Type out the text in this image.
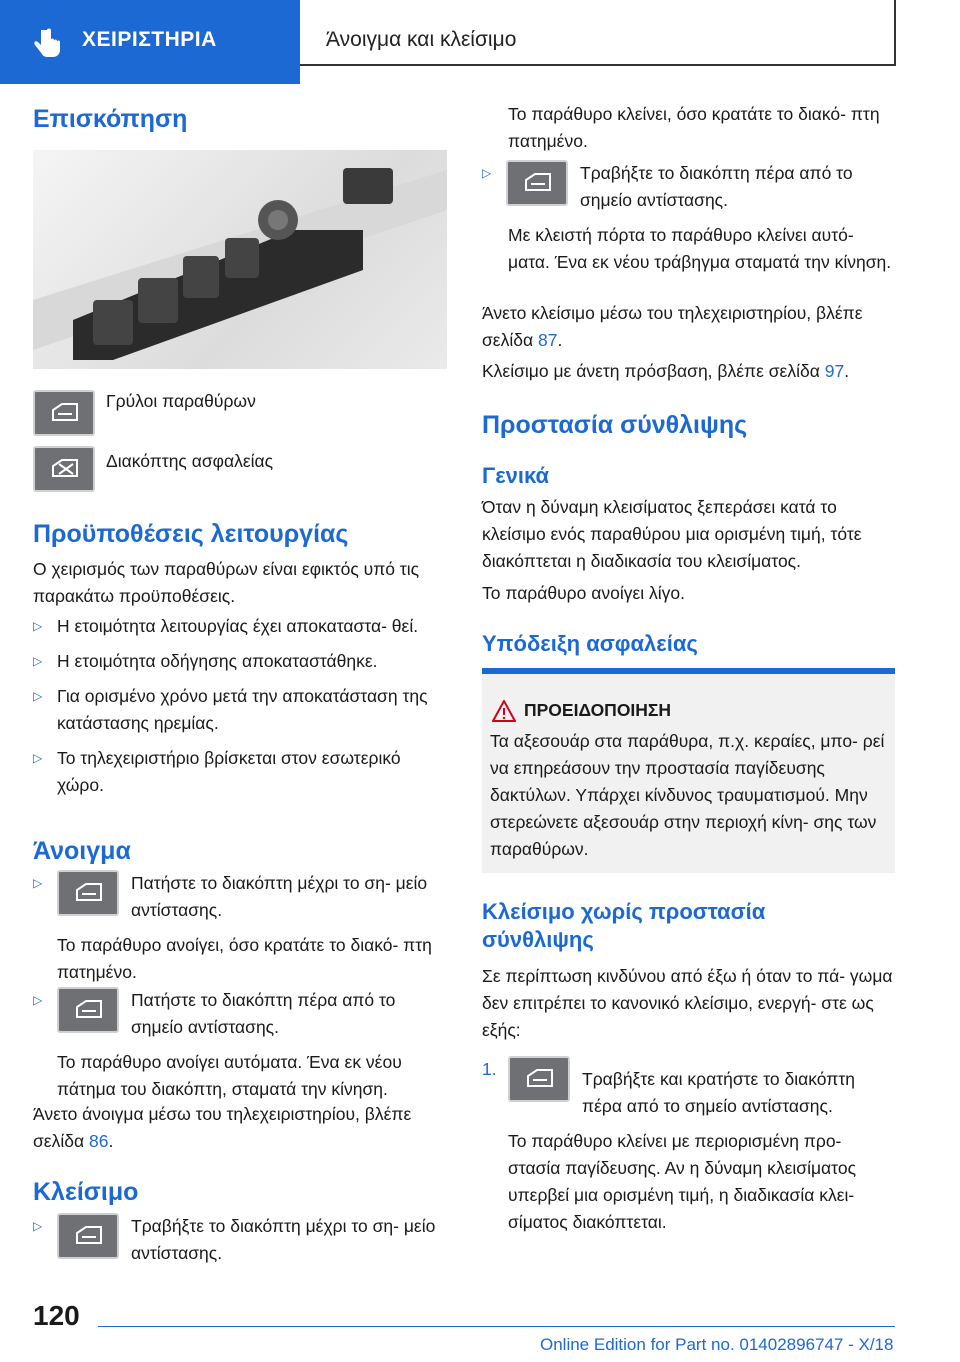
ΧΕΙΡΙΣΤΗΡΙΑ	Άνοιγμα και κλείσιμο
Επισκόπηση
Γρύλοι παραθύρων
Διακόπτης ασφαλείας
Προϋποθέσεις λειτουργίας

Ο χειρισμός των παραθύρων είναι εφικτός υπό τις παρακάτω προϋποθέσεις.

▷ Η ετοιμότητα λειτουργίας έχει αποκαταστα- θεί.
▷ Η ετοιμότητα οδήγησης αποκαταστάθηκε.
▷ Για ορισμένο χρόνο μετά την αποκατάσταση της κατάστασης ηρεμίας.
▷ Το τηλεχειριστήριο βρίσκεται στον εσωτερικό χώρο.
Άνοιγμα
▷	Πατήστε το διακόπτη μέχρι το ση- μείο αντίστασης.

Το παράθυρο ανοίγει, όσο κρατάτε το διακό- πτη πατημένο.

▷	Πατήστε το διακόπτη πέρα από το σημείο αντίστασης.

Το παράθυρο ανοίγει αυτόματα. Ένα εκ νέου πάτημα του διακόπτη, σταματά την κίνηση.

Άνετο άνοιγμα μέσω του τηλεχειριστηρίου, βλέπε σελίδα 86.

Κλείσιμο
▷	Τραβήξτε το διακόπτη μέχρι το ση- μείο αντίστασης.

Το παράθυρο κλείνει, όσο κρατάτε το διακό- πτη πατημένο.

▷	Τραβήξτε το διακόπτη πέρα από το σημείο αντίστασης.

Με κλειστή πόρτα το παράθυρο κλείνει αυτό- ματα. Ένα εκ νέου τράβηγμα σταματά την κίνηση.

Άνετο κλείσιμο μέσω του τηλεχειριστηρίου, βλέπε σελίδα 87.

Κλείσιμο με άνετη πρόσβαση, βλέπε σελίδα 97.

Προστασία σύνθλιψης
Γενικά

Όταν η δύναμη κλεισίματος ξεπεράσει κατά το κλείσιμο ενός παραθύρου μια ορισμένη τιμή, τότε διακόπτεται η διαδικασία του κλεισίματος.

Το παράθυρο ανοίγει λίγο.

Υπόδειξη ασφαλείας
ΠΡΟΕΙΔΟΠΟΙΗΣΗ

Τα αξεσουάρ στα παράθυρα, π.χ. κεραίες, μπο- ρεί να επηρεάσουν την προστασία παγίδευσης δακτύλων. Υπάρχει κίνδυνος τραυματισμού. Μην στερεώνετε αξεσουάρ στην περιοχή κίνη- σης των παραθύρων.

Κλείσιμο χωρίς προστασία σύνθλιψης

Σε περίπτωση κινδύνου από έξω ή όταν το πά- γωμα δεν επιτρέπει το κανονικό κλείσιμο, ενεργή- στε ως εξής:

1.	Τραβήξτε και κρατήστε το διακόπτη πέρα από το σημείο αντίστασης.

Το παράθυρο κλείνει με περιορισμένη προ- στασία παγίδευσης. Αν η δύναμη κλεισίματος υπερβεί μια ορισμένη τιμή, η διαδικασία κλει- σίματος διακόπτεται.

120
Online Edition for Part no. 01402896747 - X/18
